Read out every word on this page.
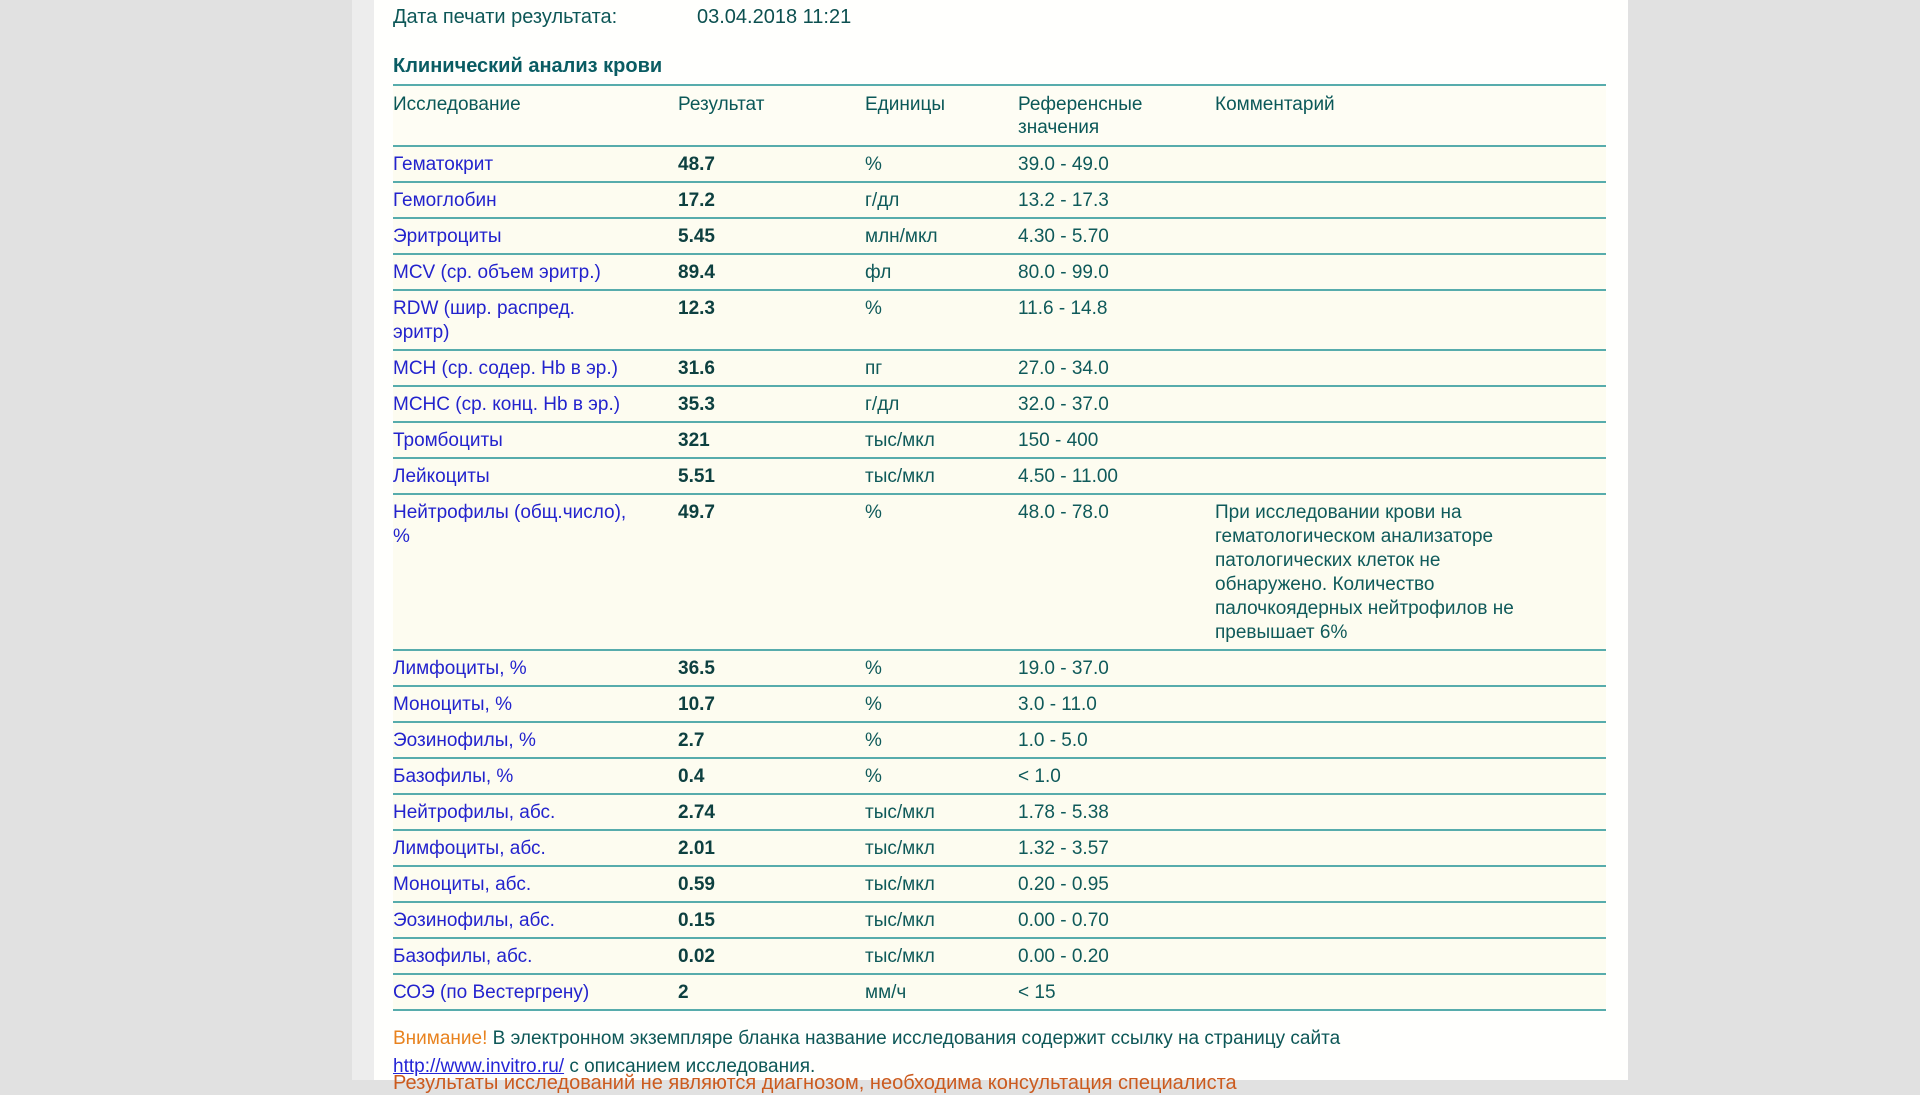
Дата печати результата:	03.04.2018 11:21
Клинический анализ крови
Исследование	Результат	Единицы	Референсные значения	Комментарий
Гематокрит	48.7	%	39.0 - 49.0	
Гемоглобин	17.2	г/дл	13.2 - 17.3	
Эритроциты	5.45	млн/мкл	4.30 - 5.70	
MCV (ср. объем эритр.)	89.4	фл	80.0 - 99.0	
RDW (шир. распред. эритр)	12.3	%	11.6 - 14.8	
MCH (ср. содер. Hb в эр.)	31.6	пг	27.0 - 34.0	
MCHC (ср. конц. Hb в эр.)	35.3	г/дл	32.0 - 37.0	
Тромбоциты	321	тыс/мкл	150 - 400	
Лейкоциты	5.51	тыс/мкл	4.50 - 11.00	
Нейтрофилы (общ.число), %	49.7	%	48.0 - 78.0	При исследовании крови на гематологическом анализаторе патологических клеток не обнаружено. Количество палочкоядерных нейтрофилов не превышает 6%
Лимфоциты, %	36.5	%	19.0 - 37.0	
Моноциты, %	10.7	%	3.0 - 11.0	
Эозинофилы, %	2.7	%	1.0 - 5.0	
Базофилы, %	0.4	%	< 1.0	
Нейтрофилы, абс.	2.74	тыс/мкл	1.78 - 5.38	
Лимфоциты, абс.	2.01	тыс/мкл	1.32 - 3.57	
Моноциты, абс.	0.59	тыс/мкл	0.20 - 0.95	
Эозинофилы, абс.	0.15	тыс/мкл	0.00 - 0.70	
Базофилы, абс.	0.02	тыс/мкл	0.00 - 0.20	
СОЭ (по Вестергрену)	2	мм/ч	< 15	
Внимание! В электронном экземпляре бланка название исследования содержит ссылку на страницу сайта http://www.invitro.ru/ с описанием исследования.
Результаты исследований не являются диагнозом, необходима консультация специалиста
